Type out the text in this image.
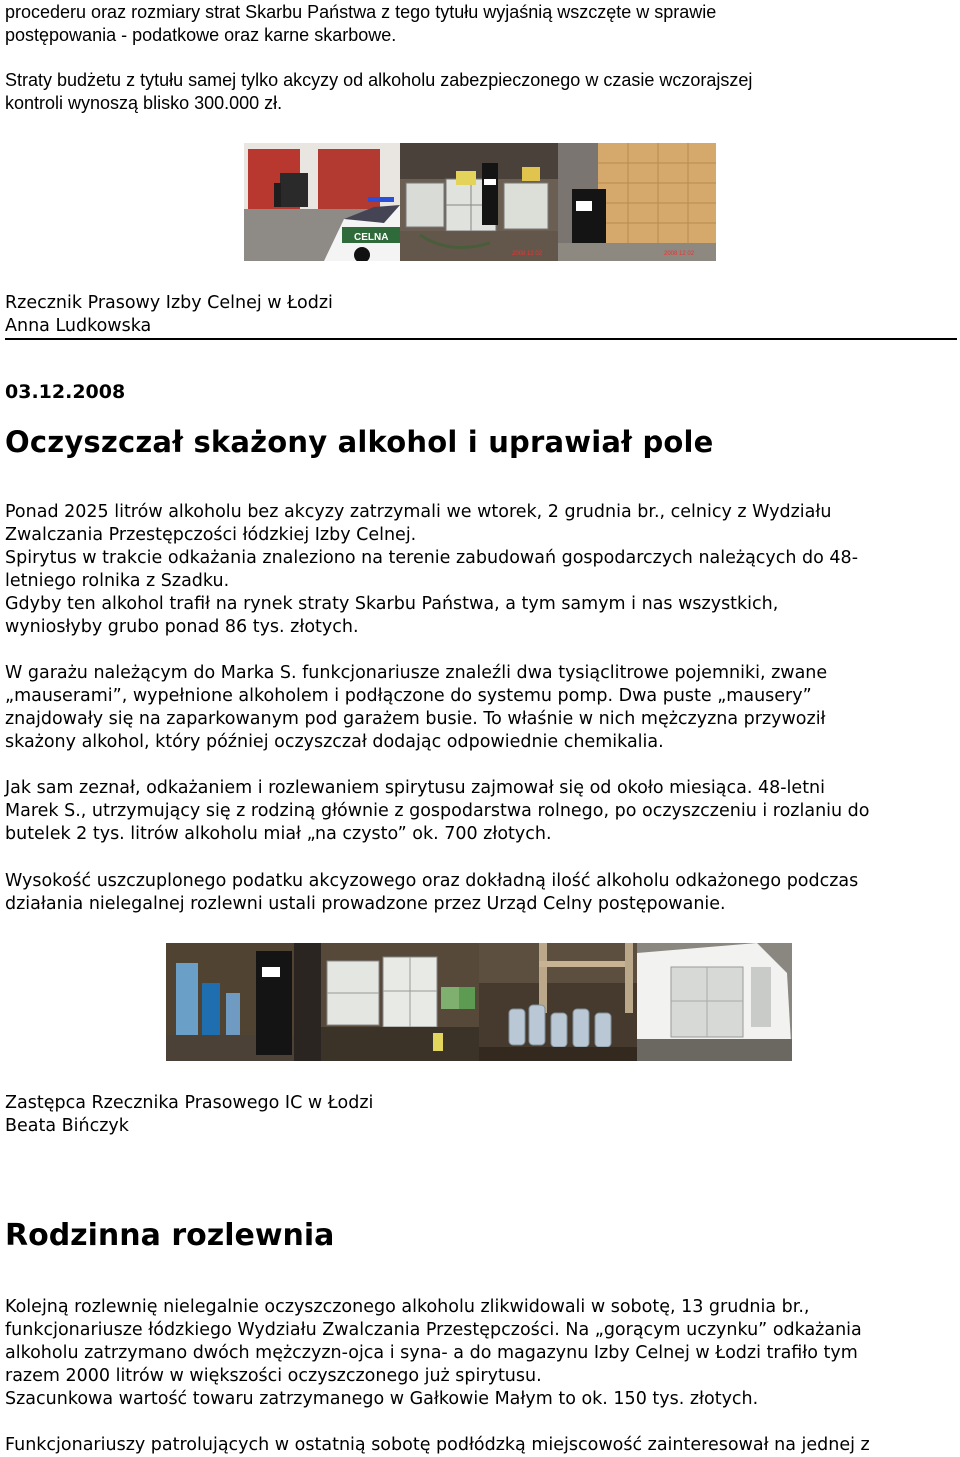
procederu oraz rozmiary strat Skarbu Państwa z tego tytułu wyjaśnią wszczęte w sprawie

postępowania - podatkowe oraz karne skarbowe.

Straty budżetu z tytułu samej tylko akcyzy od alkoholu zabezpieczonego w czasie wczorajszej

kontroli wynoszą blisko 300.000 zł.

CELNA
2008 12 02	2008 12 02

Rzecznik Prasowy Izby Celnej w Łodzi

Anna Ludkowska

03.12.2008
Oczyszczał skażony alkohol i uprawiał pole

Ponad 2025 litrów alkoholu bez akcyzy zatrzymali we wtorek, 2 grudnia br., celnicy z Wydziału

Zwalczania Przestępczości łódzkiej Izby Celnej.

Spirytus w trakcie odkażania znaleziono na terenie zabudowań gospodarczych należących do 48-

letniego rolnika z Szadku.

Gdyby ten alkohol trafił na rynek straty Skarbu Państwa, a tym samym i nas wszystkich,

wyniosłyby grubo ponad 86 tys. złotych.

W garażu należącym do Marka S. funkcjonariusze znaleźli dwa tysiąclitrowe pojemniki, zwane

„mauserami”, wypełnione alkoholem i podłączone do systemu pomp. Dwa puste „mausery”

znajdowały się na zaparkowanym pod garażem busie. To właśnie w nich mężczyzna przywoził

skażony alkohol, który później oczyszczał dodając odpowiednie chemikalia.

Jak sam zeznał, odkażaniem i rozlewaniem spirytusu zajmował się od około miesiąca. 48-letni

Marek S., utrzymujący się z rodziną głównie z gospodarstwa rolnego, po oczyszczeniu i rozlaniu do

butelek 2 tys. litrów alkoholu miał „na czysto” ok. 700 złotych.

Wysokość uszczuplonego podatku akcyzowego oraz dokładną ilość alkoholu odkażonego podczas

działania nielegalnej rozlewni ustali prowadzone przez Urząd Celny postępowanie.

Zastępca Rzecznika Prasowego IC w Łodzi

Beata Bińczyk

Rodzinna rozlewnia

Kolejną rozlewnię nielegalnie oczyszczonego alkoholu zlikwidowali w sobotę, 13 grudnia br.,

funkcjonariusze łódzkiego Wydziału Zwalczania Przestępczości. Na „gorącym uczynku” odkażania

alkoholu zatrzymano dwóch mężczyzn-ojca i syna- a do magazynu Izby Celnej w Łodzi trafiło tym

razem 2000 litrów w większości oczyszczonego już spirytusu.

Szacunkowa wartość towaru zatrzymanego w Gałkowie Małym to ok. 150 tys. złotych.

Funkcjonariuszy patrolujących w ostatnią sobotę podłódzką miejscowość zainteresował na jednej z
